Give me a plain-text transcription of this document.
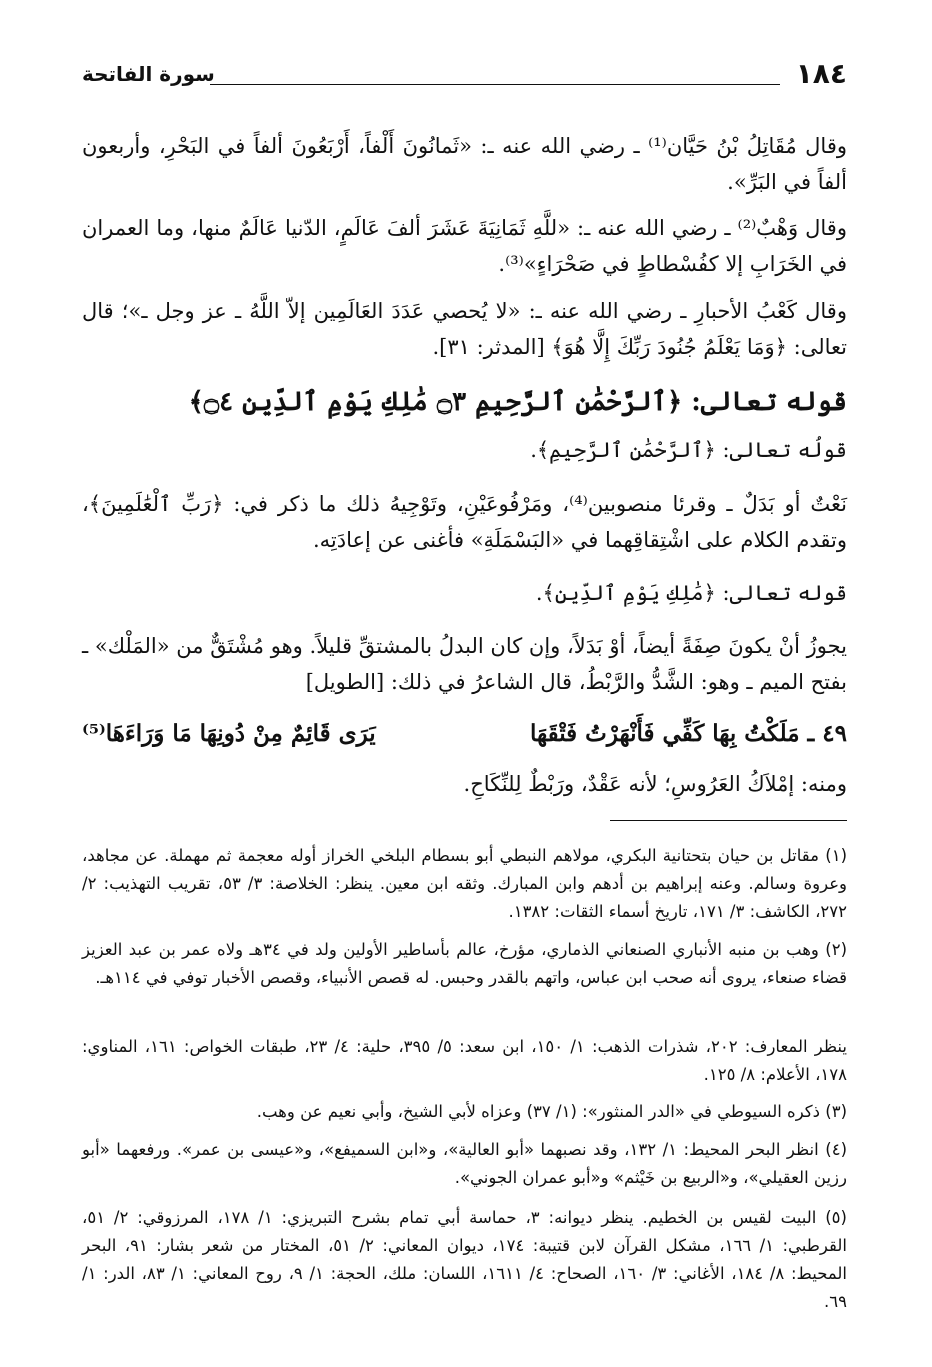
١٨٤
سورة الفاتحة
وقال مُقَاتِلُ بْنُ حَيَّان⁽¹⁾ ـ رضي الله عنه ـ: «ثَمانُونَ أَلْفاً، أَرْبَعُونَ ألفاً في البَحْرِ، وأربعون ألفاً في البَرِّ».
وقال وَهْبٌ⁽²⁾ ـ رضي الله عنه ـ: «للَّهِ ثَمَانِيَةَ عَشَرَ ألفَ عَالَمٍ، الدّنيا عَالَمٌ منها، وما العمران في الخَرَابِ إلا كفُسْطاطٍ في صَحْرَاءٍ»⁽³⁾.
وقال كَعْبُ الأحبارِ ـ رضي الله عنه ـ: «لا يُحصي عَدَدَ العَالَمِين إلاّ اللَّهُ ـ عز وجل ـ»؛ قال تعالى: ﴿وَمَا يَعْلَمُ جُنُودَ رَبِّكَ إِلَّا هُوَ﴾ [المدثر: ٣١].
قوله تعالى: ﴿ٱلرَّحْمَٰنِ ٱلرَّحِيمِ ۝٣ مَٰلِكِ يَوْمِ ٱلدِّينِ ۝٤﴾
قولُه تعالى: ﴿ٱلرَّحْمَٰنِ ٱلرَّحِيمِ﴾.
نَعْتٌ أو بَدَلٌ ـ وقرئا منصوبين⁽⁴⁾، ومَرْفُوعَيْنِ، وتَوْجِيهُ ذلك ما ذكر في: ﴿رَبِّ ٱلْعَٰلَمِينَ﴾، وتقدم الكلام على اشْتِقاقِهما في «البَسْمَلَةِ» فأغنى عن إعادَتِه.
قوله تعالى: ﴿مَٰلِكِ يَوْمِ ٱلدِّينِ﴾.
يجوزُ أنْ يكونَ صِفَةً أيضاً، أوْ بَدَلاً، وإن كان البدلُ بالمشتقِّ قليلاً. وهو مُشْتَقٌّ من «المَلْك» ـ بفتح الميم ـ وهو: الشَّدُّ والرَّبْطُ، قال الشاعرُ في ذلك: [الطويل]
٤٩ ـ مَلَكْتُ بِهَا كَفِّي فَأَنْهَرْتُ فَتْقَهَا
يَرَى قَائِمٌ مِنْ دُونِهَا مَا وَرَاءَهَا⁽⁵⁾
ومنه: إمْلاَكُ العَرُوسِ؛ لأنه عَقْدٌ، ورَبْطٌ لِلنِّكَاحِ.
(١) مقاتل بن حيان بتحتانية البكري، مولاهم النبطي أبو بسطام البلخي الخراز أوله معجمة ثم مهملة. عن مجاهد، وعروة وسالم. وعنه إبراهيم بن أدهم وابن المبارك. وثقه ابن معين. ينظر: الخلاصة: ٣/ ٥٣، تقريب التهذيب: ٢/ ٢٧٢، الكاشف: ٣/ ١٧١، تاريخ أسماء الثقات: ١٣٨٢.
(٢) وهب بن منبه الأنباري الصنعاني الذماري، مؤرخ، عالم بأساطير الأولين ولد في ٣٤هـ ولاه عمر بن عبد العزيز قضاء صنعاء، يروى أنه صحب ابن عباس، واتهم بالقدر وحبس. له قصص الأنبياء، وقصص الأخبار توفي في ١١٤هـ.
ينظر المعارف: ٢٠٢، شذرات الذهب: ١/ ١٥٠، ابن سعد: ٥/ ٣٩٥، حلية: ٤/ ٢٣، طبقات الخواص: ١٦١، المناوي: ١٧٨، الأعلام: ٨/ ١٢٥.
(٣) ذكره السيوطي في «الدر المنثور»: (١/ ٣٧) وعزاه لأبي الشيخ، وأبي نعيم عن وهب.
(٤) انظر البحر المحيط: ١/ ١٣٢، وقد نصبهما «أبو العالية»، و«ابن السميفع»، و«عيسى بن عمر». ورفعهما «أبو رزين العقيلي»، و«الربيع بن خَيْثم» و«أبو عمران الجوني».
(٥) البيت لقيس بن الخطيم. ينظر ديوانه: ٣، حماسة أبي تمام بشرح التبريزي: ١/ ١٧٨، المرزوقي: ٢/ ٥١، القرطبي: ١/ ١٦٦، مشكل القرآن لابن قتيبة: ١٧٤، ديوان المعاني: ٢/ ٥١، المختار من شعر بشار: ٩١، البحر المحيط: ٨/ ١٨٤، الأغاني: ٣/ ١٦٠، الصحاح: ٤/ ١٦١١، اللسان: ملك، الحجة: ١/ ٩، روح المعاني: ١/ ٨٣، الدر: ١/ ٦٩.
